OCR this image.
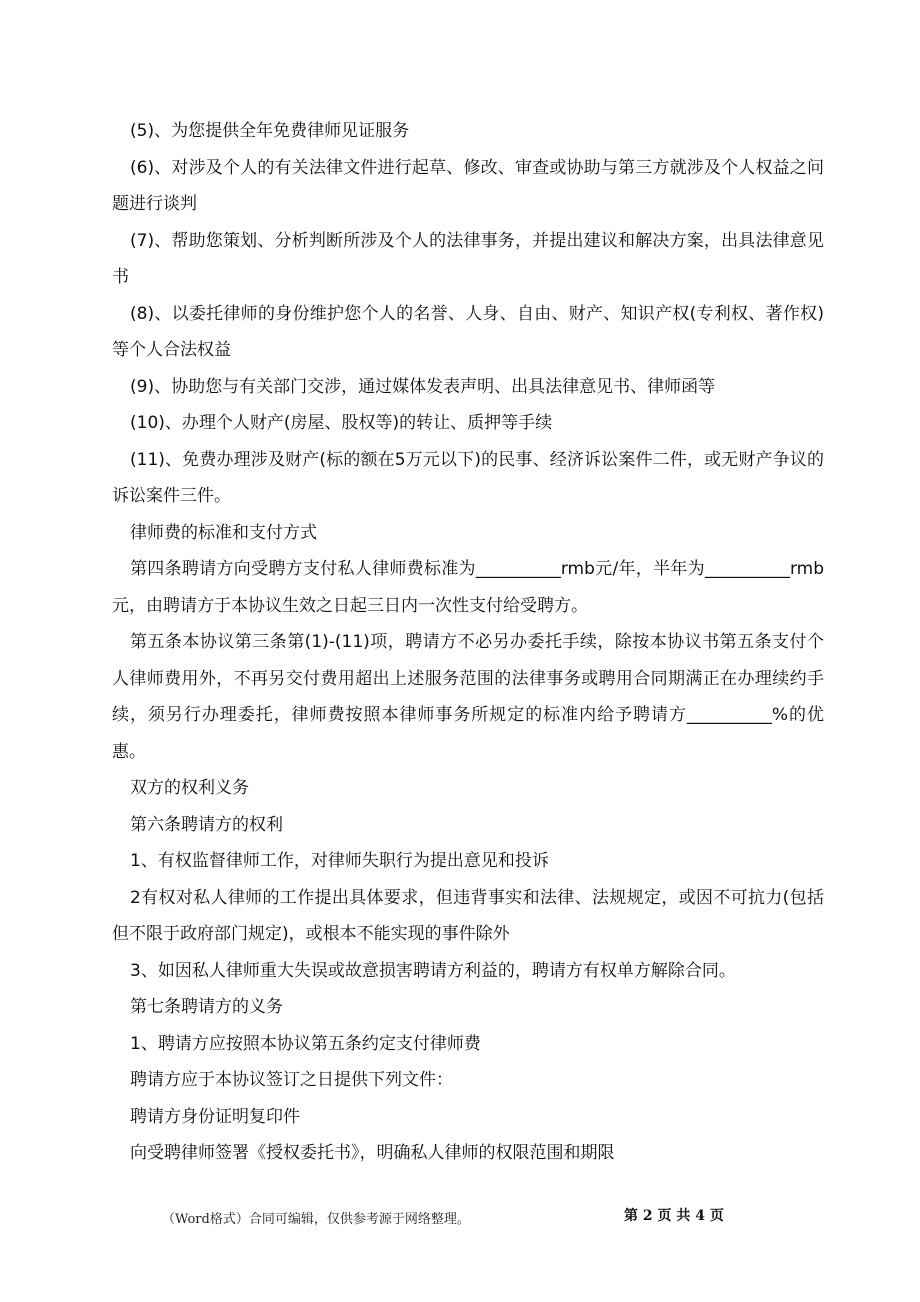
(5)、为您提供全年免费律师见证服务

(6)、对涉及个人的有关法律文件进行起草、修改、审查或协助与第三方就涉及个人权益之问题进行谈判

(7)、帮助您策划、分析判断所涉及个人的法律事务，并提出建议和解决方案，出具法律意见书

(8)、以委托律师的身份维护您个人的名誉、人身、自由、财产、知识产权(专利权、著作权)等个人合法权益

(9)、协助您与有关部门交涉，通过媒体发表声明、出具法律意见书、律师函等

(10)、办理个人财产(房屋、股权等)的转让、质押等手续

(11)、免费办理涉及财产(标的额在5万元以下)的民事、经济诉讼案件二件，或无财产争议的诉讼案件三件。

律师费的标准和支付方式

第四条聘请方向受聘方支付私人律师费标准为__________rmb元/年，半年为__________rmb元，由聘请方于本协议生效之日起三日内一次性支付给受聘方。

第五条本协议第三条第(1)-(11)项，聘请方不必另办委托手续，除按本协议书第五条支付个人律师费用外，不再另交付费用超出上述服务范围的法律事务或聘用合同期满正在办理续约手续，须另行办理委托，律师费按照本律师事务所规定的标准内给予聘请方__________%的优惠。

双方的权利义务

第六条聘请方的权利

1、有权监督律师工作，对律师失职行为提出意见和投诉

2有权对私人律师的工作提出具体要求，但违背事实和法律、法规规定，或因不可抗力(包括但不限于政府部门规定)，或根本不能实现的事件除外

3、如因私人律师重大失误或故意损害聘请方利益的，聘请方有权单方解除合同。

第七条聘请方的义务

1、聘请方应按照本协议第五条约定支付律师费

聘请方应于本协议签订之日提供下列文件：

聘请方身份证明复印件

向受聘律师签署《授权委托书》，明确私人律师的权限范围和期限

（Word格式）合同可编辑，仅供参考源于网络整理。	第 2 页 共 4 页
